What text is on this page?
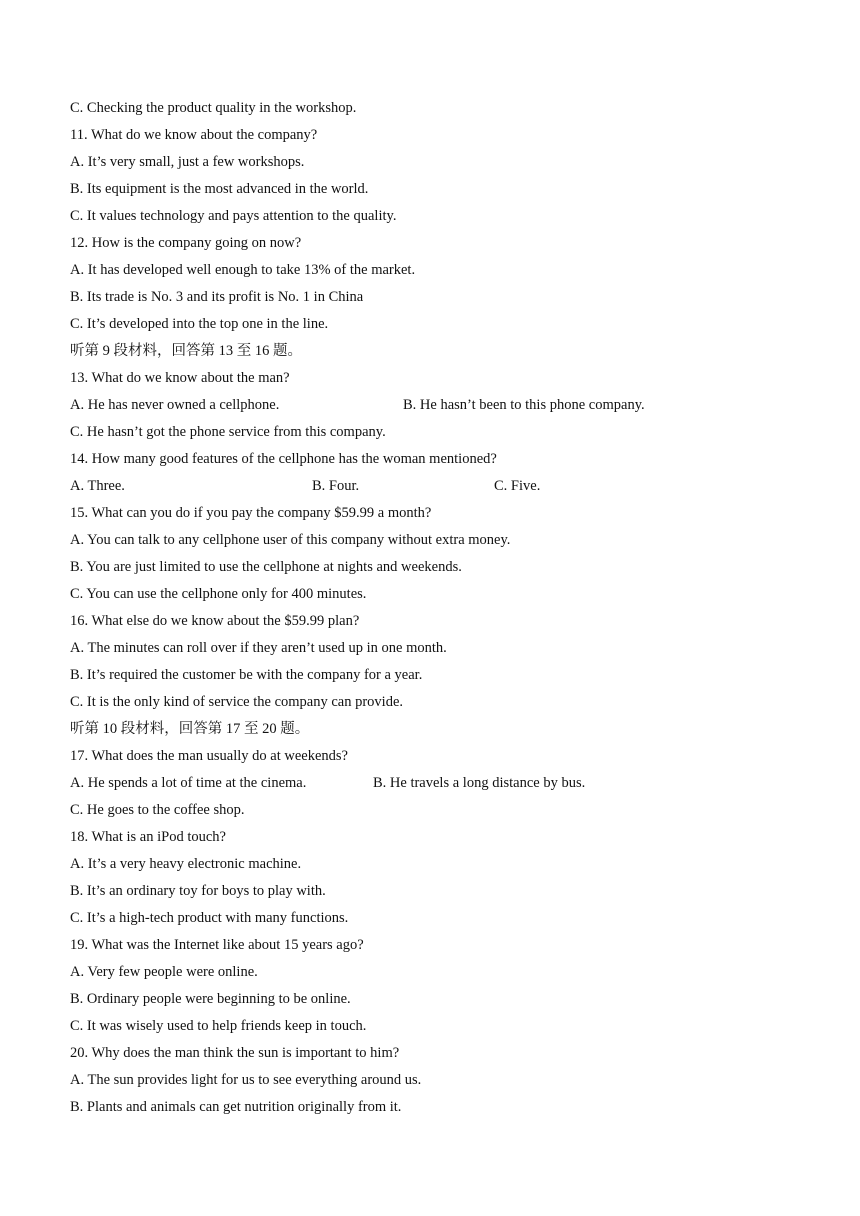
C. Checking the product quality in the workshop.
11. What do we know about the company?
A. It’s very small, just a few workshops.
B. Its equipment is the most advanced in the world.
C. It values technology and pays attention to the quality.
12. How is the company going on now?
A. It has developed well enough to take 13% of the market.
B. Its trade is No. 3 and its profit is No. 1 in China
C. It’s developed into the top one in the line.
听第 9 段材料，回答第 13 至 16 题。
13. What do we know about the man?
A. He has never owned a cellphone.	B. He hasn’t been to this phone company.
C. He hasn’t got the phone service from this company.
14. How many good features of the cellphone has the woman mentioned?
A. Three.	B. Four.	C. Five.
15. What can you do if you pay the company $59.99 a month?
A. You can talk to any cellphone user of this company without extra money.
B. You are just limited to use the cellphone at nights and weekends.
C. You can use the cellphone only for 400 minutes.
16. What else do we know about the $59.99 plan?
A. The minutes can roll over if they aren’t used up in one month.
B. It’s required the customer be with the company for a year.
C. It is the only kind of service the company can provide.
听第 10 段材料，回答第 17 至 20 题。
17. What does the man usually do at weekends?
A. He spends a lot of time at the cinema.	B. He travels a long distance by bus.
C. He goes to the coffee shop.
18. What is an iPod touch?
A. It’s a very heavy electronic machine.
B. It’s an ordinary toy for boys to play with.
C. It’s a high-tech product with many functions.
19. What was the Internet like about 15 years ago?
A. Very few people were online.
B. Ordinary people were beginning to be online.
C. It was wisely used to help friends keep in touch.
20. Why does the man think the sun is important to him?
A. The sun provides light for us to see everything around us.
B. Plants and animals can get nutrition originally from it.
